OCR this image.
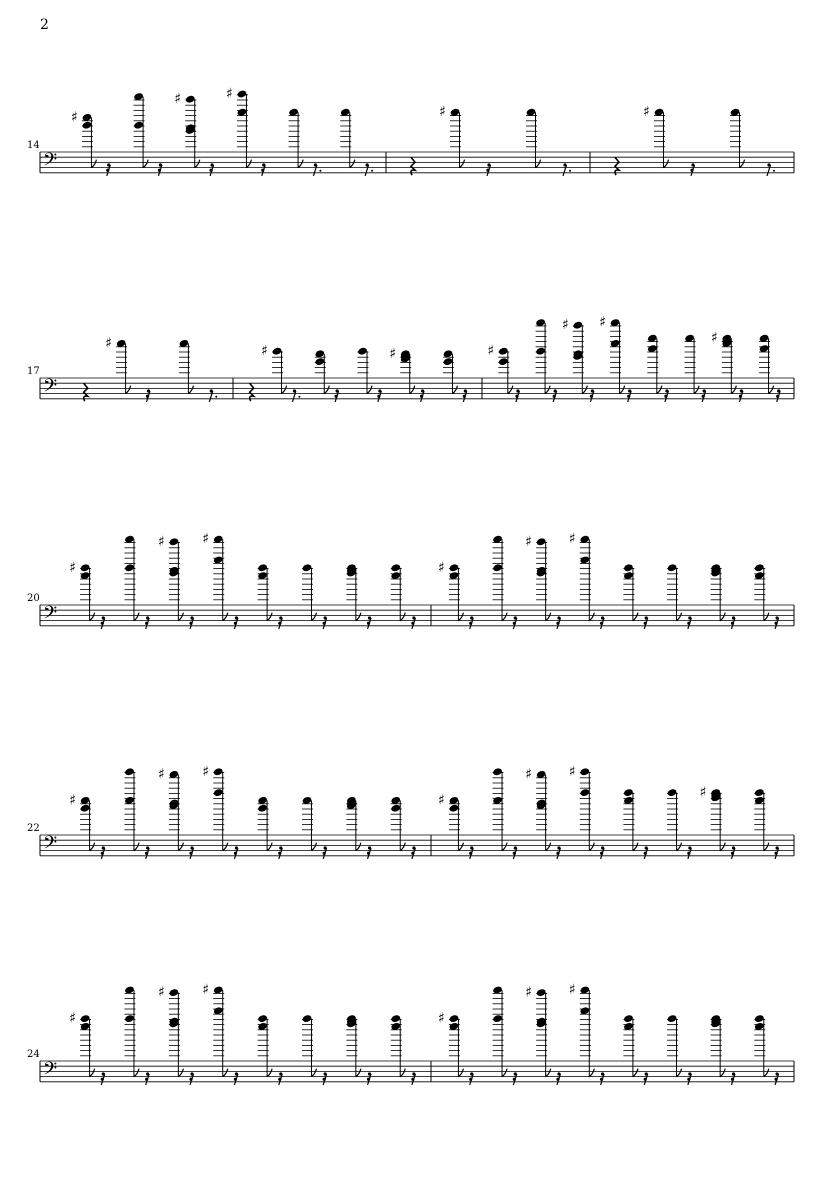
2
14
17
20
22
24
𝄢
♯
♯	♯
♯	♯
𝄢
♯	♯	♯	♯
♯ ♯
♯
𝄢
♯
♯	♯
♯
♯	♯
𝄢
♯
♯	♯
♯
♯	♯
♯
𝄢
♯
♯	♯
♯
♯	♯
